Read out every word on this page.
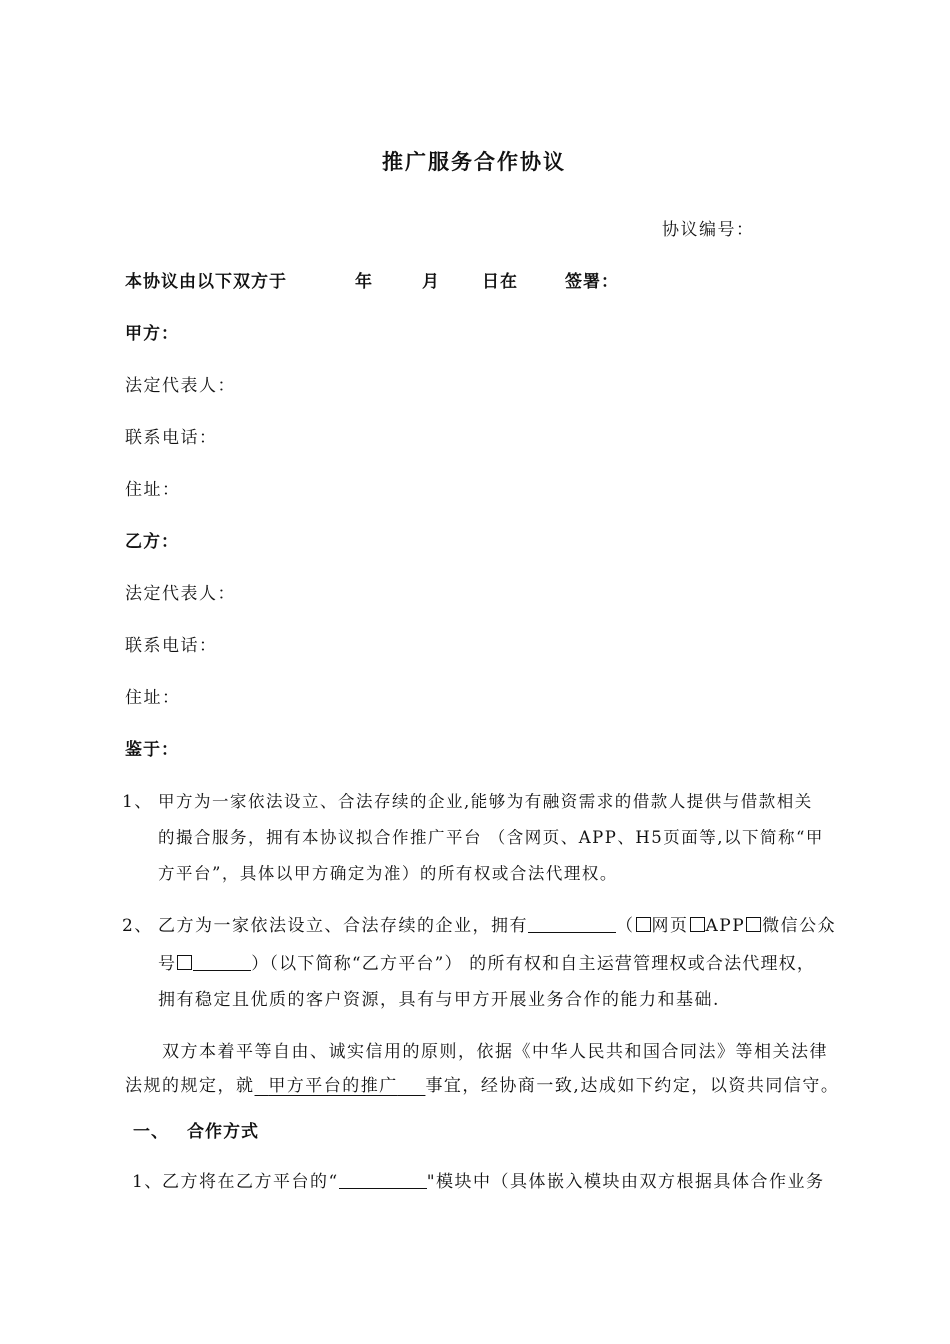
推广服务合作协议
协议编号：
本协议由以下双方于	年	月 日在	签署：
甲方：
法定代表人：
联系电话：
住址：
乙方：
法定代表人：
联系电话：
住址：
鉴于：
1、 甲方为一家依法设立、合法存续的企业,能够为有融资需求的借款人提供与借款相关
的撮合服务，拥有本协议拟合作推广平台 （含网页、APP、H5页面等,以下简称“甲
方平台”，具体以甲方确定为准）的所有权或合法代理权。
2、 乙方为一家依法设立、合法存续的企业，拥有	（ 网页 APP 微信公众
号	）（以下简称“乙方平台”） 的所有权和自主运营管理权或合法代理权，
拥有稳定且优质的客户资源，具有与甲方开展业务合作的能力和基础.
双方本着平等自由、诚实信用的原则，依据《中华人民共和国合同法》等相关法律
法规的规定，就 甲方平台的推广 事宜，经协商一致,达成如下约定，以资共同信守。
一、 合作方式
1、 乙方将在乙方平台的“	"模块中（具体嵌入模块由双方根据具体合作业务
